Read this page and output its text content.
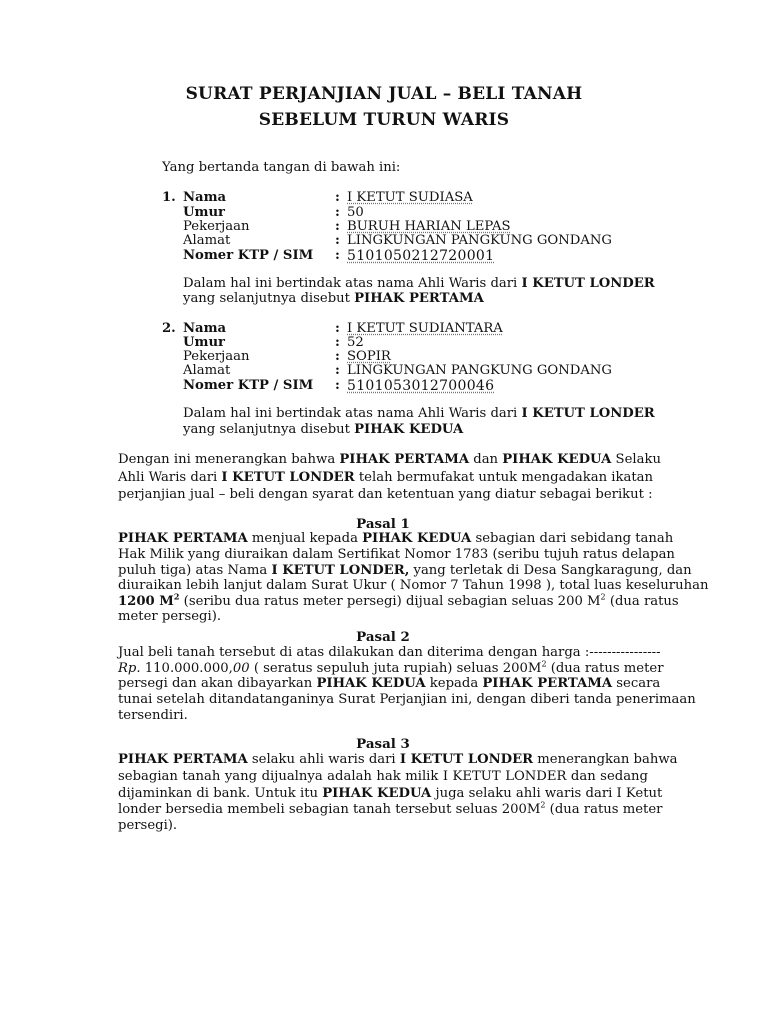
SURAT PERJANJIAN JUAL – BELI TANAH
SEBELUM TURUN WARIS
Yang bertanda tangan di bawah ini:
1. Nama	: I KETUT SUDIASA
Umur	: 50
Pekerjaan	: BURUH HARIAN LEPAS
Alamat	: LINGKUNGAN PANGKUNG GONDANG
Nomer KTP / SIM : 5101050212720001
Dalam hal ini bertindak atas nama Ahli Waris dari I KETUT LONDER
yang selanjutnya disebut PIHAK PERTAMA
2. Nama	: I KETUT SUDIANTARA
Umur	: 52
Pekerjaan	: SOPIR
Alamat	: LINGKUNGAN PANGKUNG GONDANG
Nomer KTP / SIM : 5101053012700046
Dalam hal ini bertindak atas nama Ahli Waris dari I KETUT LONDER
yang selanjutnya disebut PIHAK KEDUA
Dengan ini menerangkan bahwa PIHAK PERTAMA dan PIHAK KEDUA Selaku
Ahli Waris dari I KETUT LONDER telah bermufakat untuk mengadakan ikatan
perjanjian jual – beli dengan syarat dan ketentuan yang diatur sebagai berikut :
Pasal 1
PIHAK PERTAMA menjual kepada PIHAK KEDUA sebagian dari sebidang tanah
Hak Milik yang diuraikan dalam Sertifikat Nomor 1783 (seribu tujuh ratus delapan
puluh tiga) atas Nama I KETUT LONDER, yang terletak di Desa Sangkaragung, dan
diuraikan lebih lanjut dalam Surat Ukur ( Nomor 7 Tahun 1998 ), total luas keseluruhan
1200 $M^2$ (seribu dua ratus meter persegi) dijual sebagian seluas 200 $M^2$ (dua ratus
meter persegi).
Pasal 2
Jual beli tanah tersebut di atas dilakukan dan diterima dengan harga :----------------
Rp. 110.000.000,00 ( seratus sepuluh juta rupiah) seluas $200M^2$ (dua ratus meter
persegi dan akan dibayarkan PIHAK KEDUA kepada PIHAK PERTAMA secara
tunai setelah ditandatanganinya Surat Perjanjian ini, dengan diberi tanda penerimaan
tersendiri.
Pasal 3
PIHAK PERTAMA selaku ahli waris dari I KETUT LONDER menerangkan bahwa
sebagian tanah yang dijualnya adalah hak milik I KETUT LONDER dan sedang
dijaminkan di bank. Untuk itu PIHAK KEDUA juga selaku ahli waris dari I Ketut
londer bersedia membeli sebagian tanah tersebut seluas $200M^2$ (dua ratus meter
persegi).
